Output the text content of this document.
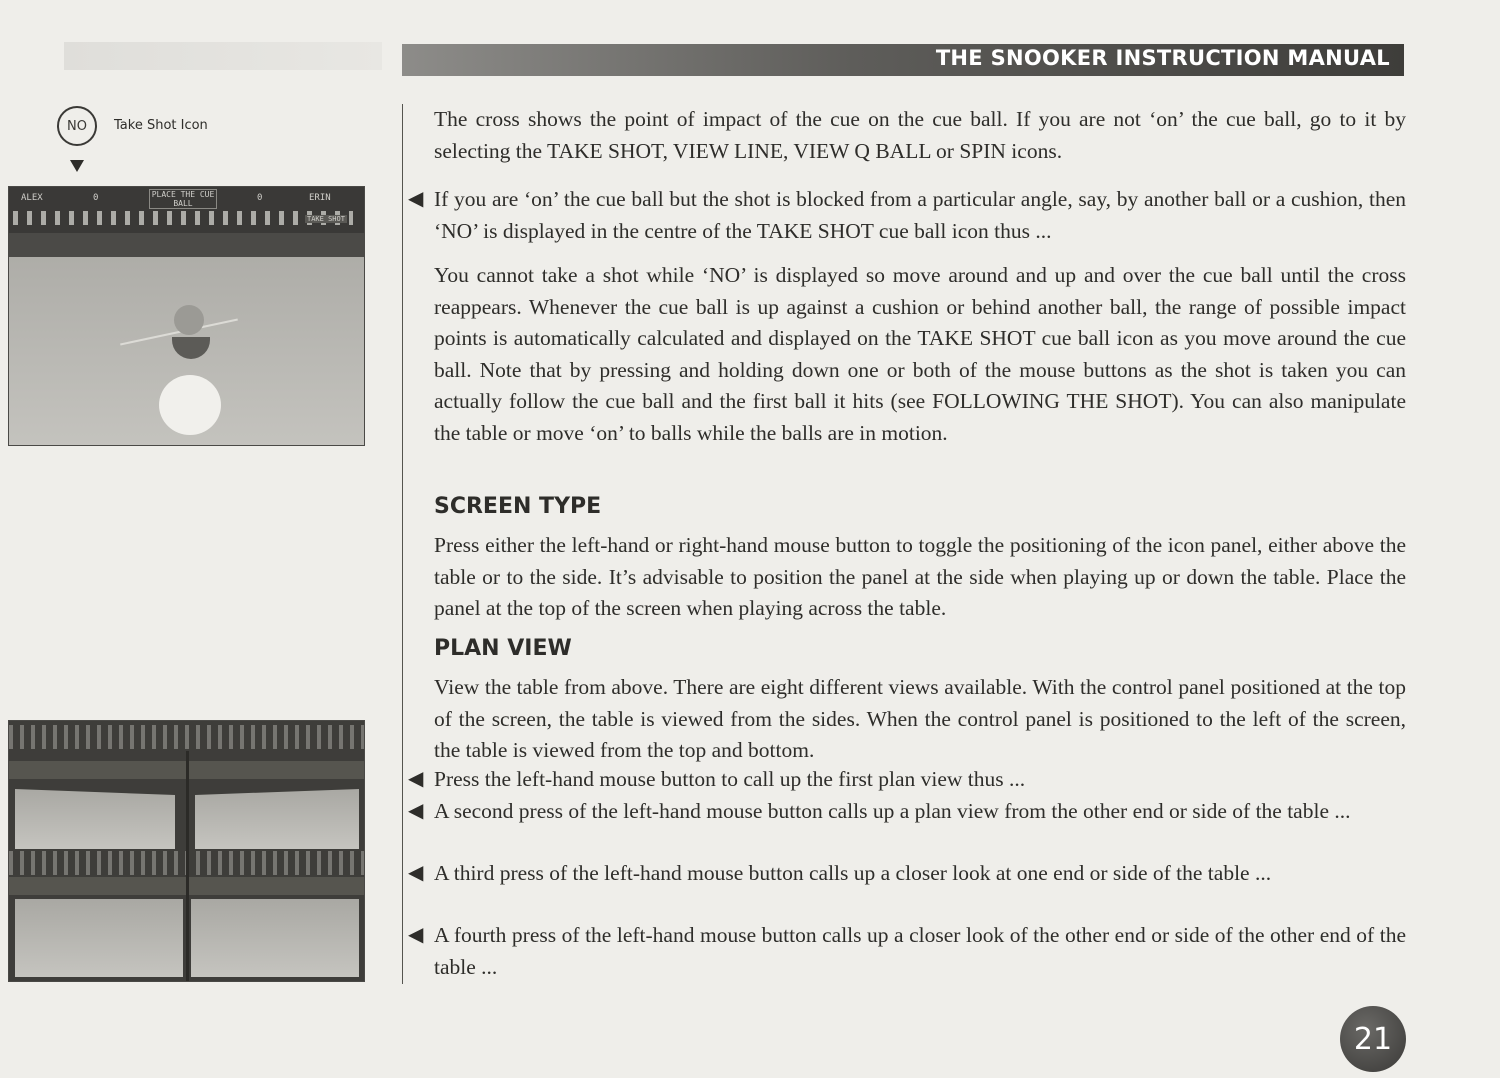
THE SNOOKER INSTRUCTION MANUAL
NO	Take Shot Icon
ALEX	0	PLACE THE CUE BALL
0	ERIN
TAKE SHOT

The cross shows the point of impact of the cue on the cue ball. If you are not ‘on’ the cue ball, go to it by selecting the TAKE SHOT, VIEW LINE, VIEW Q BALL or SPIN icons.

◀ If you are ‘on’ the cue ball but the shot is blocked from a particular angle, say, by another ball or a cushion, then ‘NO’ is displayed in the centre of the TAKE SHOT cue ball icon thus ...

You cannot take a shot while ‘NO’ is displayed so move around and up and over the cue ball until the cross reappears. Whenever the cue ball is up against a cushion or behind another ball, the range of possible impact points is automatically calculated and displayed on the TAKE SHOT cue ball icon as you move around the cue ball. Note that by pressing and holding down one or both of the mouse buttons as the shot is taken you can actually follow the cue ball and the first ball it hits (see FOLLOWING THE SHOT). You can also manipulate the table or move ‘on’ to balls while the balls are in motion.

SCREEN TYPE

Press either the left-hand or right-hand mouse button to toggle the positioning of the icon panel, either above the table or to the side. It’s advisable to position the panel at the side when playing up or down the table. Place the panel at the top of the screen when playing across the table.

PLAN VIEW

View the table from above. There are eight different views available. With the control panel positioned at the top of the screen, the table is viewed from the sides. When the control panel is positioned to the left of the screen, the table is viewed from the top and bottom.

◀ Press the left-hand mouse button to call up the first plan view thus ...

◀ A second press of the left-hand mouse button calls up a plan view from the other end or side of the table ...

◀ A third press of the left-hand mouse button calls up a closer look at one end or side of the table ...

◀ A fourth press of the left-hand mouse button calls up a closer look of the other end or side of the other end of the table ...

21
